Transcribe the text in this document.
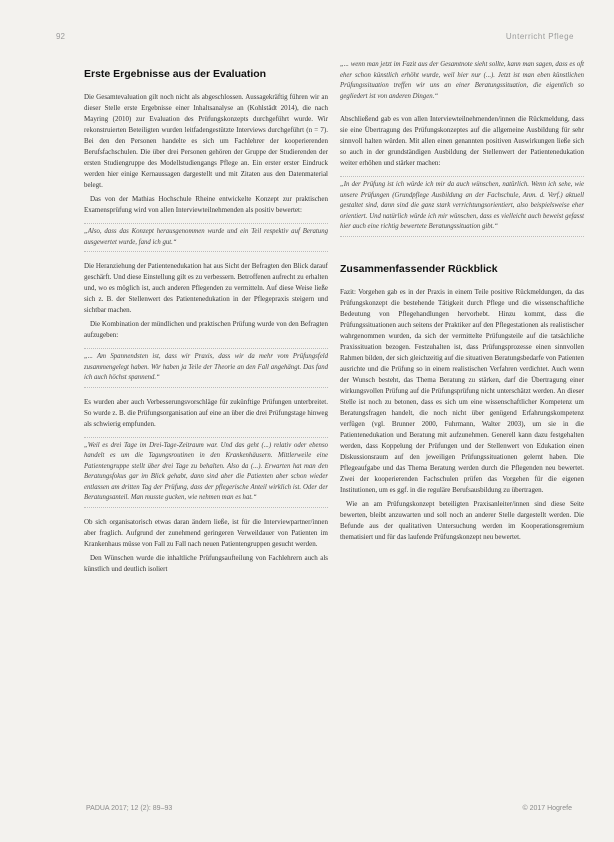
92	Unterricht Pflege
Erste Ergebnisse aus der Evaluation

Die Gesamtevaluation gilt noch nicht als abgeschlossen. Aussagekräftig führen wir an dieser Stelle erste Ergebnisse einer Inhaltsanalyse an (Kohlstädt 2014), die nach Mayring (2010) zur Evaluation des Prüfungskonzepts durchgeführt wurde. Wir rekonstruierten Beteiligten wurden leitfadengestützte Interviews durchgeführt (n = 7). Bei den den Personen handelte es sich um Fachlehrer der kooperierenden Berufsfachschulen. Die über drei Personen gehören der Gruppe der Studierenden der ersten Studiengruppe des Modellstudiengangs Pflege an. Ein erster erster Eindruck werden hier einige Kernaussagen dargestellt und mit Zitaten aus den Datenmaterial belegt.

Das von der Mathias Hochschule Rheine entwickelte Konzept zur praktischen Examensprüfung wird von allen Interviewteilnehmenden als positiv bewertet:

„Also, dass das Konzept herausgenommen wurde und ein Teil respektiv auf Beratung ausgewertet wurde, fand ich gut.“

Die Heranziehung der Patientenedukation hat aus Sicht der Befragten den Blick darauf geschärft. Und diese Einstellung gilt es zu verbessern. Betroffenen aufrecht zu erhalten und, wo es möglich ist, auch anderen Pflegenden zu vermitteln. Auf diese Weise ließe sich z. B. der Stellenwert des Patientenedukation in der Pflegepraxis steigern und sichtbar machen.

Die Kombination der mündlichen und praktischen Prüfung wurde von den Befragten aufzugeben:

„... Am Spannendsten ist, dass wir Praxis, dass wir da mehr vom Prüfungsfeld zusammengelegt haben. Wir haben ja Teile der Theorie an den Fall angehängt. Das fand ich auch höchst spannend.“

Es wurden aber auch Verbesserungsvorschläge für zukünftige Prüfungen unterbreitet. So wurde z. B. die Prüfungsorganisation auf eine an über die drei Prüfungstage hinweg als schwierig empfunden.

„Weil es drei Tage im Drei-Tage-Zeitraum war. Und das geht (...) relativ oder ebenso handelt es um die Tagungsroutinen in den Krankenhäusern. Mittlerweile eine Patientengruppe stellt über drei Tage zu behalten. Also da (...). Erwarten hat man den Beratungsfokus gar im Blick gehabt, dann sind aber die Patienten aber schon wieder entlassen am dritten Tag der Prüfung, dass der pflegerische Anteil wirklich ist. Oder der Beratungsanteil. Man musste gucken, wie nehmen man es hat.“

Ob sich organisatorisch etwas daran ändern ließe, ist für die Interviewpartner/innen aber fraglich. Aufgrund der zunehmend geringeren Verweildauer von Patienten im Krankenhaus müsse von Fall zu Fall nach neuen Patientengruppen gesucht werden.

Den Wünschen wurde die inhaltliche Prüfungsaufteilung von Fachlehrern auch als künstlich und deutlich isoliert

„... wenn man jetzt im Fazit aus der Gesamtnote sieht sollte, kann man sagen, dass es oft eher schon künstlich erhöht wurde, weil hier nur (...). Jetzt ist man eben künstlichen Prüfungssituation treffen wir uns an einer Beratungssituation, die eigentlich so gegliedert ist von anderen Dingen.“

Abschließend gab es von allen Interviewteilnehmenden/innen die Rückmeldung, dass sie eine Übertragung des Prüfungskonzeptes auf die allgemeine Ausbildung für sehr sinnvoll halten würden. Mit allen einen genannten positiven Auswirkungen ließe sich so auch in der grundständigen Ausbildung der Stellenwert der Patientenedukation weiter erhöhen und stärker machen:

„In der Prüfung ist ich würde ich mir da auch wünschen, natürlich. Wenn ich sehe, wie unsere Prüfungen (Grundpflege Ausbildung an der Fachschule, Anm. d. Verf.) aktuell gestaltet sind, dann sind die ganz stark verrichtungsorientiert, also beispielsweise eher orientiert. Und natürlich würde ich mir wünschen, dass es vielleicht auch beweist gefasst hier auch eine richtig bewertete Beratungssituation gibt.“
Zusammenfassender Rückblick

Fazit: Vorgehen gab es in der Praxis in einem Teile positive Rückmeldungen, da das Prüfungskonzept die bestehende Tätigkeit durch Pflege und die wissenschaftliche Bedeutung von Pflegehandlungen hervorhebt. Hinzu kommt, dass die Prüfungssituationen auch seitens der Praktiker auf den Pflegestationen als realistischer wahrgenommen wurden, da sich der vermittelte Prüfungsteile auf die tatsächliche Praxissituation bezogen. Festzuhalten ist, dass Prüfungsprozesse einen sinnvollen Rahmen bilden, der sich gleichzeitig auf die situativen Beratungsbedarfe von Patienten ausrichte und die Prüfung so in einem realistischen Verfahren verdichtet. Auch wenn der Wunsch besteht, das Thema Beratung zu stärken, darf die Übertragung einer wirkungsvollen Prüfung auf die Prüfungsprüfung nicht unterschätzt werden. An dieser Stelle ist noch zu betonen, dass es sich um eine wissenschaftlicher Kompetenz um Beratungsfragen handelt, die noch nicht über genügend Erfahrungskompetenz verfügen (vgl. Brunner 2000, Fuhrmann, Walter 2003), um sie in die Patientenedukation und Beratung mit aufzunehmen. Generell kann dazu festgehalten werden, dass Koppelung der Prüfungen und der Stellenwert von Edukation einen Diskussionsraum auf den jeweiligen Prüfungssituationen gelernt haben. Die Pflegeaufgabe und das Thema Beratung werden durch die Pflegenden neu bewertet. Zwei der kooperierenden Fachschulen prüfen das Vorgehen für die eigenen Institutionen, um es ggf. in die reguläre Berufsausbildung zu übertragen.

Wie an am Prüfungskonzept beteiligten Praxisanleiter/innen sind diese Seite bewerten, bleibt anzuwarten und soll noch an anderer Stelle dargestellt werden. Die Befunde aus der qualitativen Untersuchung werden im Kooperationsgremium thematisiert und für das laufende Prüfungskonzept neu bewertet.

PADUA 2017; 12 (2): 89–93	© 2017 Hogrefe
